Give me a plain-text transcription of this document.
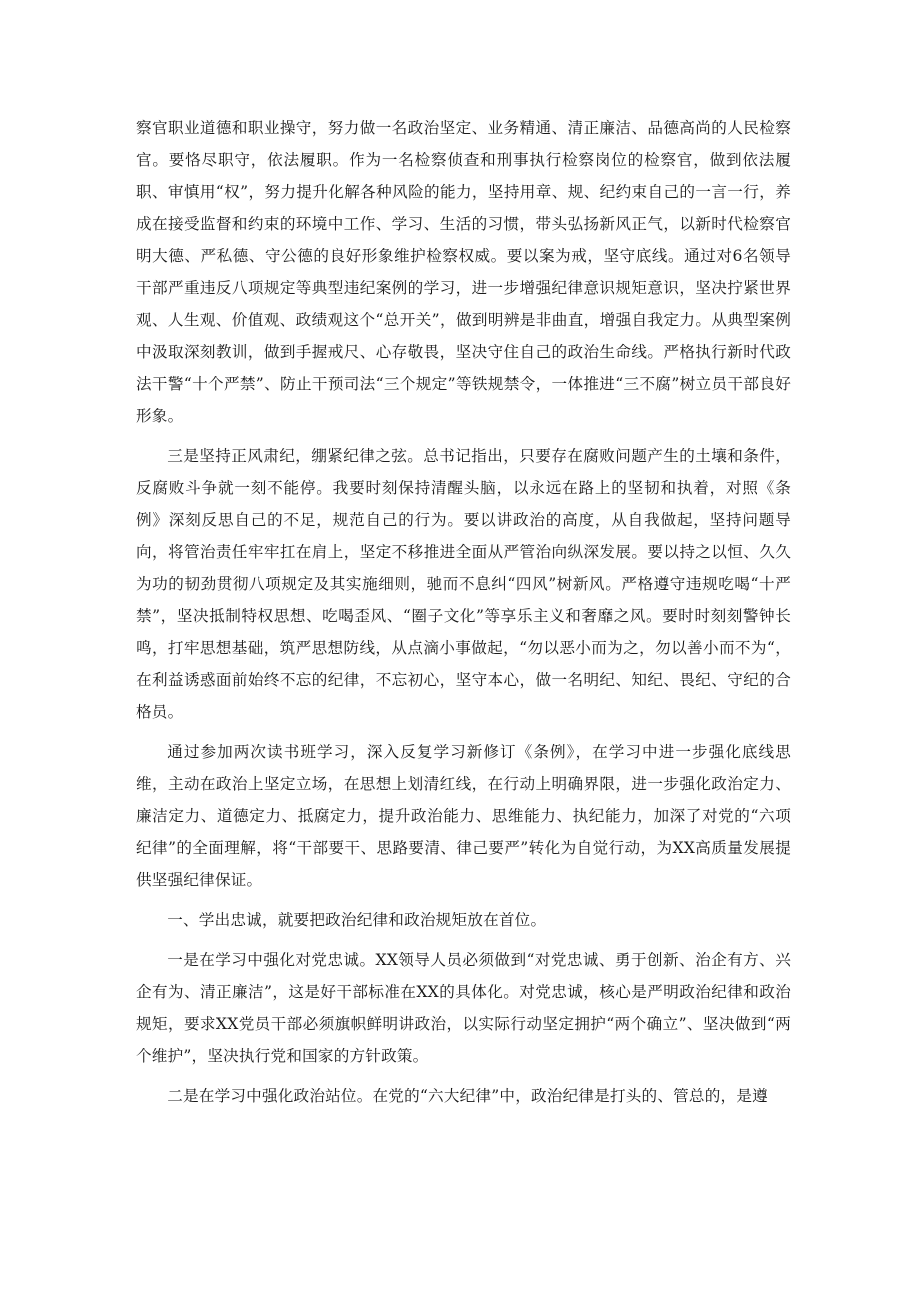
察官职业道德和职业操守，努力做一名政治坚定、业务精通、清正廉洁、品德高尚的人民检察官。要恪尽职守，依法履职。作为一名检察侦查和刑事执行检察岗位的检察官，做到依法履职、审慎用“权”，努力提升化解各种风险的能力，坚持用章、规、纪约束自己的一言一行，养成在接受监督和约束的环境中工作、学习、生活的习惯，带头弘扬新风正气，以新时代检察官明大德、严私德、守公德的良好形象维护检察权威。要以案为戒，坚守底线。通过对6名领导干部严重违反八项规定等典型违纪案例的学习，进一步增强纪律意识规矩意识，坚决拧紧世界观、人生观、价值观、政绩观这个“总开关”，做到明辨是非曲直，增强自我定力。从典型案例中汲取深刻教训，做到手握戒尺、心存敬畏，坚决守住自己的政治生命线。严格执行新时代政法干警“十个严禁”、防止干预司法“三个规定”等铁规禁令，一体推进“三不腐”树立员干部良好形象。

三是坚持正风肃纪，绷紧纪律之弦。总书记指出，只要存在腐败问题产生的土壤和条件，反腐败斗争就一刻不能停。我要时刻保持清醒头脑，以永远在路上的坚韧和执着，对照《条例》深刻反思自己的不足，规范自己的行为。要以讲政治的高度，从自我做起，坚持问题导向，将管治责任牢牢扛在肩上，坚定不移推进全面从严管治向纵深发展。要以持之以恒、久久为功的韧劲贯彻八项规定及其实施细则，驰而不息纠“四风”树新风。严格遵守违规吃喝“十严禁”，坚决抵制特权思想、吃喝歪风、“圈子文化”等享乐主义和奢靡之风。要时时刻刻警钟长鸣，打牢思想基础，筑严思想防线，从点滴小事做起，“勿以恶小而为之，勿以善小而不为“，在利益诱惑面前始终不忘的纪律，不忘初心，坚守本心，做一名明纪、知纪、畏纪、守纪的合格员。

通过参加两次读书班学习，深入反复学习新修订《条例》，在学习中进一步强化底线思维，主动在政治上坚定立场，在思想上划清红线，在行动上明确界限，进一步强化政治定力、廉洁定力、道德定力、抵腐定力，提升政治能力、思维能力、执纪能力，加深了对党的“六项纪律”的全面理解，将“干部要干、思路要清、律己要严”转化为自觉行动，为XX高质量发展提供坚强纪律保证。

一、学出忠诚，就要把政治纪律和政治规矩放在首位。

一是在学习中强化对党忠诚。XX领导人员必须做到“对党忠诚、勇于创新、治企有方、兴企有为、清正廉洁”，这是好干部标准在XX的具体化。对党忠诚，核心是严明政治纪律和政治规矩，要求XX党员干部必须旗帜鲜明讲政治，以实际行动坚定拥护“两个确立”、坚决做到“两个维护”，坚决执行党和国家的方针政策。

二是在学习中强化政治站位。在党的“六大纪律”中，政治纪律是打头的、管总的，是遵
